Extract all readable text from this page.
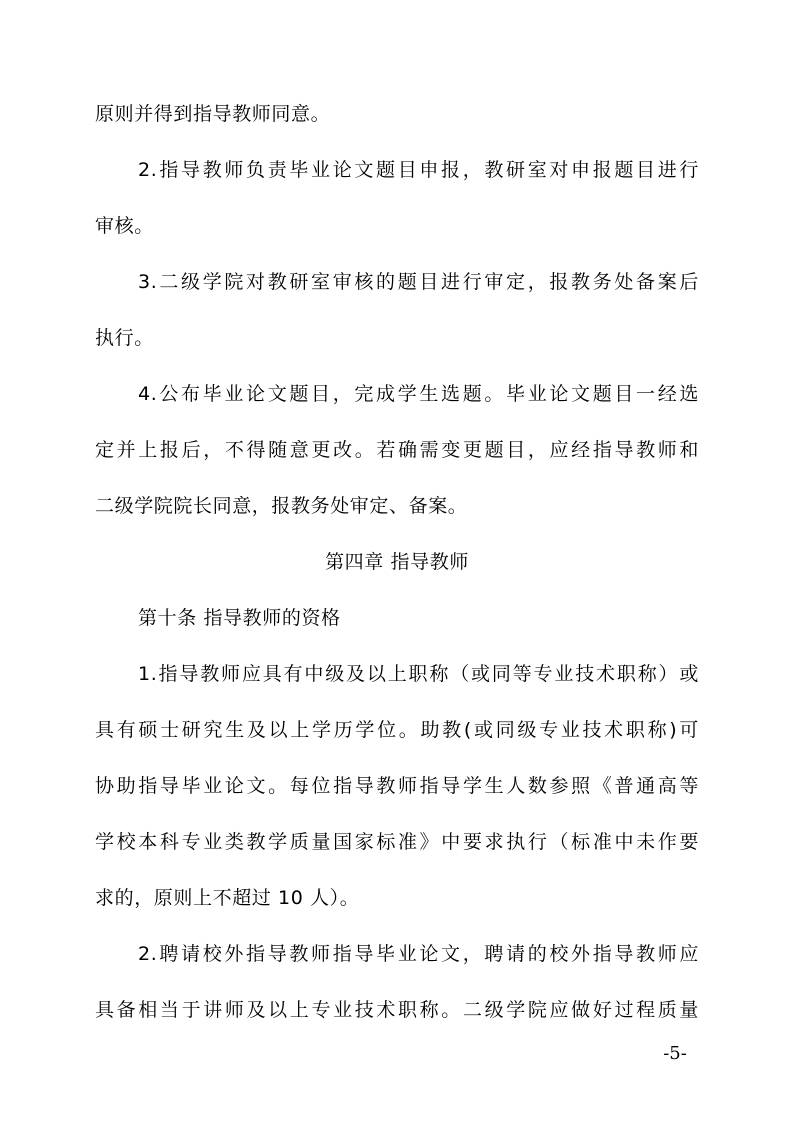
原则并得到指导教师同意。
2.指导教师负责毕业论文题目申报，教研室对申报题目进行
审核。
3.二级学院对教研室审核的题目进行审定，报教务处备案后
执行。
4.公布毕业论文题目，完成学生选题。毕业论文题目一经选
定并上报后，不得随意更改。若确需变更题目，应经指导教师和
二级学院院长同意，报教务处审定、备案。
第四章 指导教师
第十条 指导教师的资格
1.指导教师应具有中级及以上职称（或同等专业技术职称）或
具有硕士研究生及以上学历学位。助教(或同级专业技术职称)可
协助指导毕业论文。每位指导教师指导学生人数参照《普通高等
学校本科专业类教学质量国家标准》中要求执行（标准中未作要
求的，原则上不超过 10 人）。
2.聘请校外指导教师指导毕业论文，聘请的校外指导教师应
具备相当于讲师及以上专业技术职称。二级学院应做好过程质量
-5-
